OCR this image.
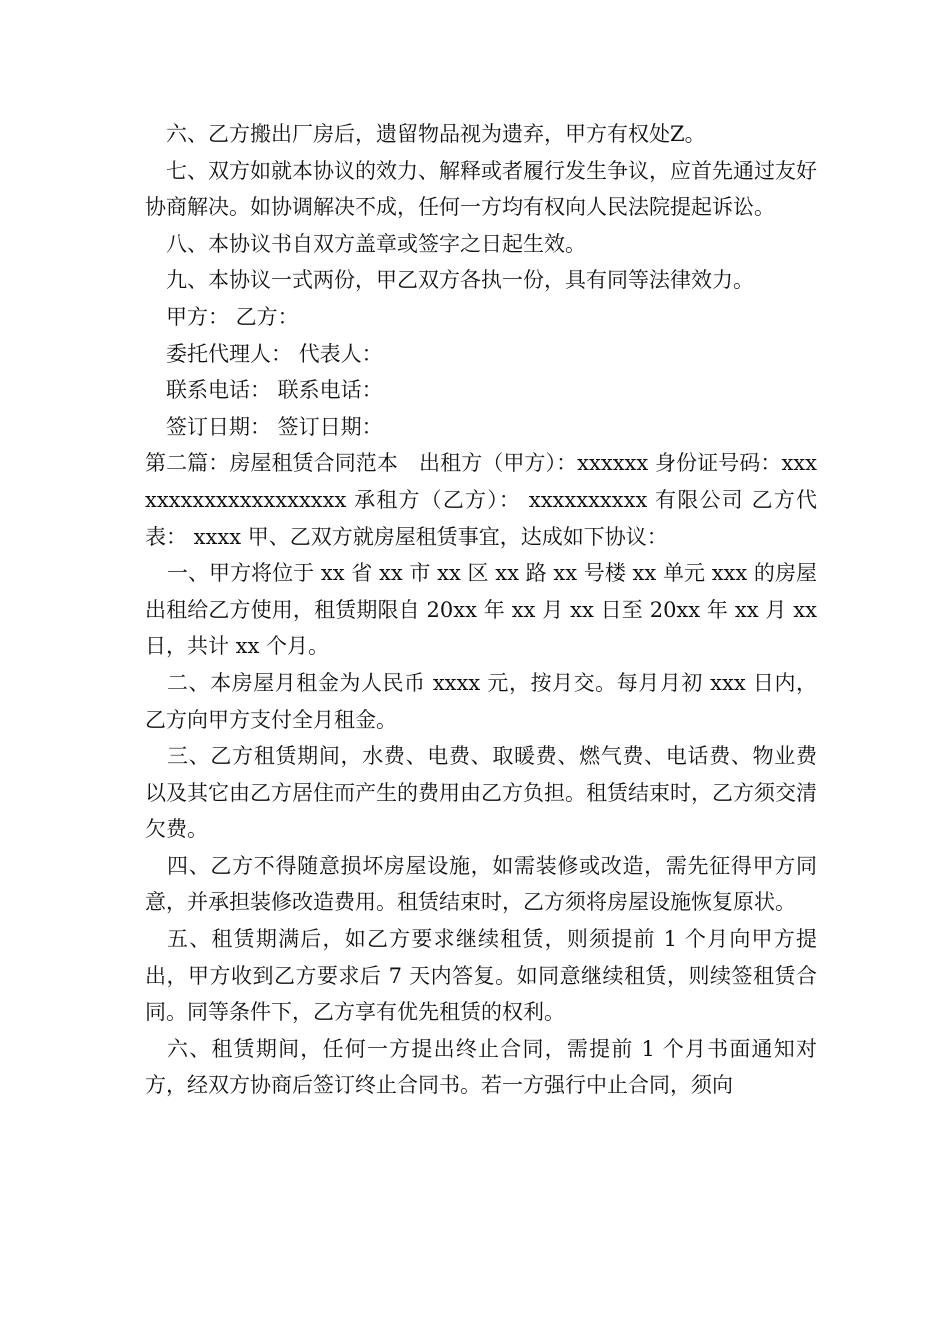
六、乙方搬出厂房后，遗留物品视为遗弃，甲方有权处Z。

七、双方如就本协议的效力、解释或者履行发生争议，应首先通过友好协商解决。如协调解决不成，任何一方均有权向人民法院提起诉讼。

八、本协议书自双方盖章或签字之日起生效。

九、本协议一式两份，甲乙双方各执一份，具有同等法律效力。

甲方： 乙方：

委托代理人： 代表人：

联系电话： 联系电话：

签订日期： 签订日期：

第二篇：房屋租赁合同范本　出租方（甲方）：xxxxxx 身份证号码：xxxxxxxxxxxxxxxxxxxx 承租方（乙方）： xxxxxxxxxx 有限公司 乙方代表： xxxx 甲、乙双方就房屋租赁事宜，达成如下协议：

一、甲方将位于 xx 省 xx 市 xx 区 xx 路 xx 号楼 xx 单元 xxx 的房屋出租给乙方使用，租赁期限自 20xx 年 xx 月 xx 日至 20xx 年 xx 月 xx 日，共计 xx 个月。

二、本房屋月租金为人民币 xxxx 元，按月交。每月月初 xxx 日内，乙方向甲方支付全月租金。

三、乙方租赁期间，水费、电费、取暖费、燃气费、电话费、物业费以及其它由乙方居住而产生的费用由乙方负担。租赁结束时，乙方须交清欠费。

四、乙方不得随意损坏房屋设施，如需装修或改造，需先征得甲方同意，并承担装修改造费用。租赁结束时，乙方须将房屋设施恢复原状。

五、租赁期满后，如乙方要求继续租赁，则须提前 1 个月向甲方提出，甲方收到乙方要求后 7 天内答复。如同意继续租赁，则续签租赁合同。同等条件下，乙方享有优先租赁的权利。

六、租赁期间，任何一方提出终止合同，需提前 1 个月书面通知对方，经双方协商后签订终止合同书。若一方强行中止合同，须向
